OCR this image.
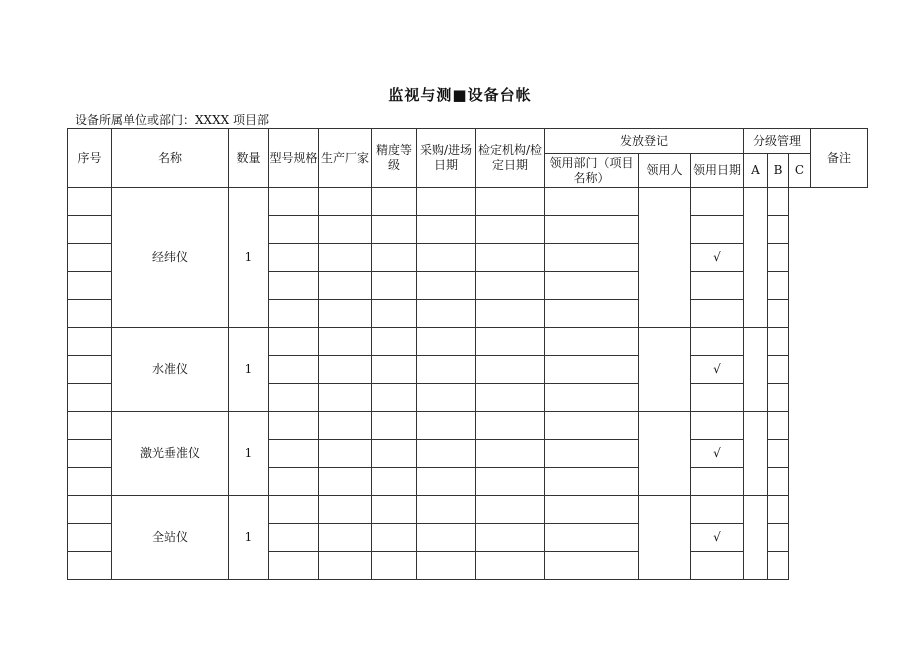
监视与测■设备台帐
设备所属单位或部门：XXXX 项目部
序号	名称	数量	型号规格	生产厂家	精度等级	采购/进场日期	检定机构/检定日期	发放登记			分级管理			备注
								领用部门（项目名称）	领用人	领用日期	A	B	C	
	经纬仪	1												

										√				

	水准仪	1												
										√				

	激光垂准仪	1												
										√				

	全站仪	1												
										√				
